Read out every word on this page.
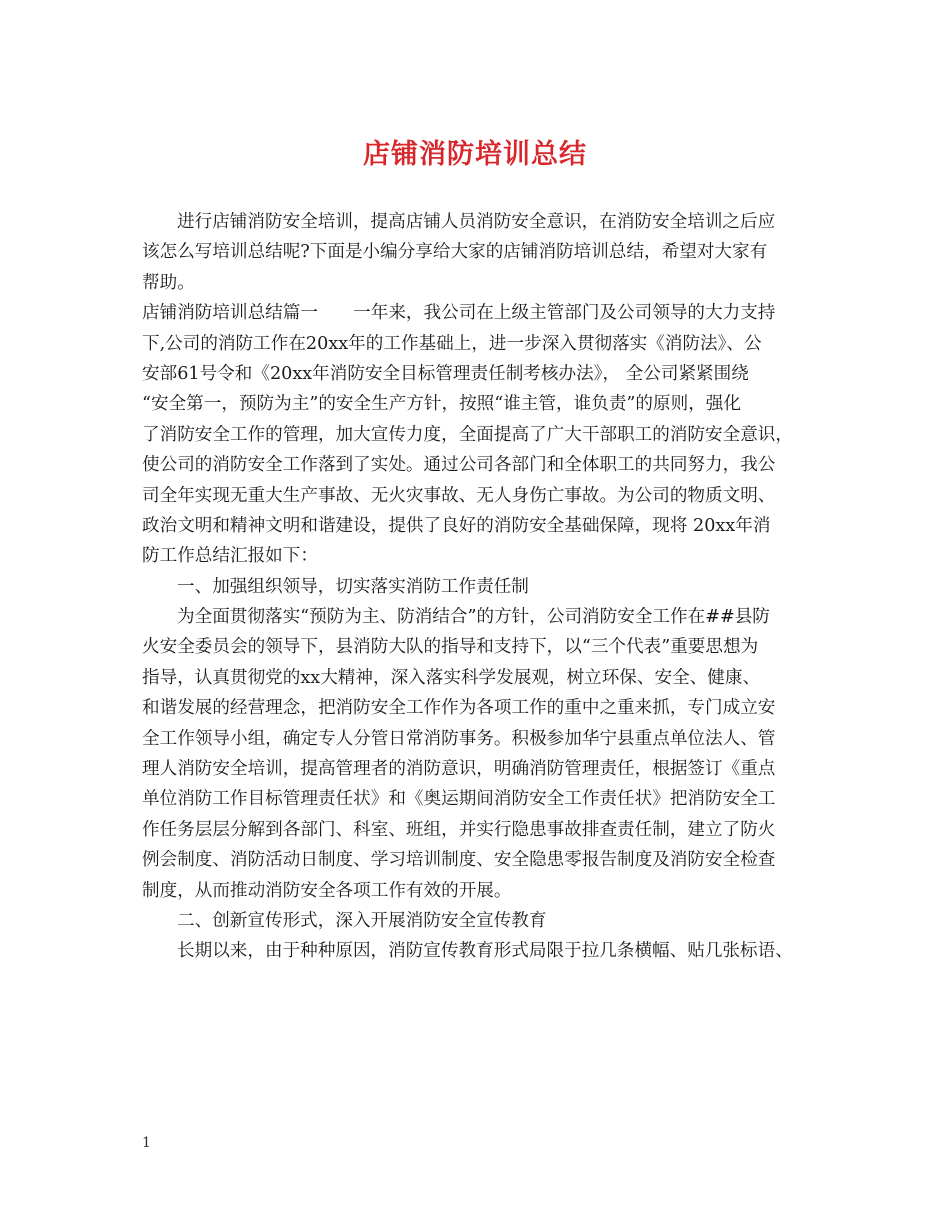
店铺消防培训总结
进行店铺消防安全培训，提高店铺人员消防安全意识，在消防安全培训之后应
该怎么写培训总结呢?下面是小编分享给大家的店铺消防培训总结，希望对大家有
帮助。
店铺消防培训总结篇一　　一年来，我公司在上级主管部门及公司领导的大力支持
下,公司的消防工作在20xx年的工作基础上，进一步深入贯彻落实《消防法》、公
安部61号令和《20xx年消防安全目标管理责任制考核办法》， 全公司紧紧围绕
“安全第一，预防为主”的安全生产方针，按照“谁主管，谁负责”的原则，强化
了消防安全工作的管理，加大宣传力度，全面提高了广大干部职工的消防安全意识，
使公司的消防安全工作落到了实处。通过公司各部门和全体职工的共同努力，我公
司全年实现无重大生产事故、无火灾事故、无人身伤亡事故。为公司的物质文明、
政治文明和精神文明和谐建设，提供了良好的消防安全基础保障，现将 20xx年消
防工作总结汇报如下：
一、加强组织领导，切实落实消防工作责任制
为全面贯彻落实“预防为主、防消结合”的方针，公司消防安全工作在##县防
火安全委员会的领导下，县消防大队的指导和支持下，以“三个代表”重要思想为
指导，认真贯彻党的xx大精神，深入落实科学发展观，树立环保、安全、健康、
和谐发展的经营理念，把消防安全工作作为各项工作的重中之重来抓，专门成立安
全工作领导小组，确定专人分管日常消防事务。积极参加华宁县重点单位法人、管
理人消防安全培训，提高管理者的消防意识，明确消防管理责任，根据签订《重点
单位消防工作目标管理责任状》和《奥运期间消防安全工作责任状》把消防安全工
作任务层层分解到各部门、科室、班组，并实行隐患事故排查责任制，建立了防火
例会制度、消防活动日制度、学习培训制度、安全隐患零报告制度及消防安全检查
制度，从而推动消防安全各项工作有效的开展。
二、创新宣传形式，深入开展消防安全宣传教育
长期以来，由于种种原因，消防宣传教育形式局限于拉几条横幅、贴几张标语、
1
